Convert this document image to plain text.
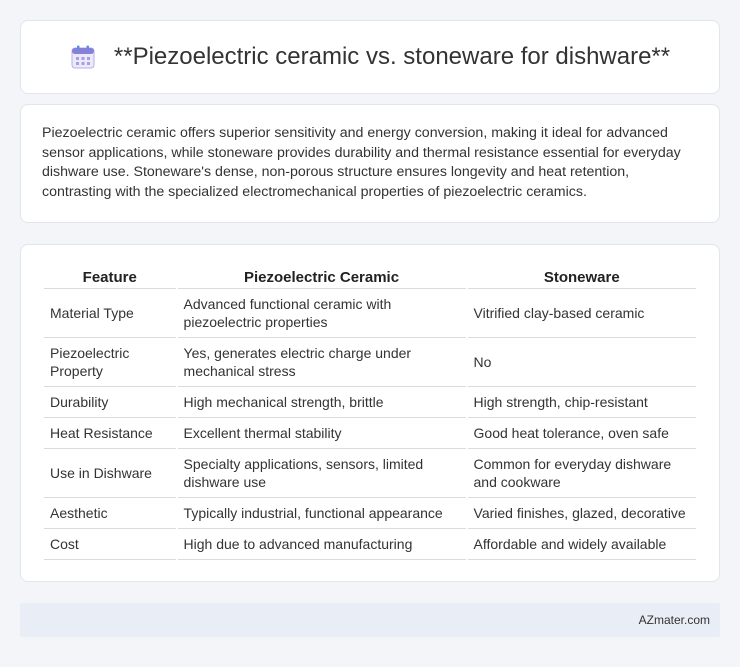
**Piezoelectric ceramic vs. stoneware for dishware**

Piezoelectric ceramic offers superior sensitivity and energy conversion, making it ideal for advanced sensor applications, while stoneware provides durability and thermal resistance essential for everyday dishware use. Stoneware's dense, non-porous structure ensures longevity and heat retention, contrasting with the specialized electromechanical properties of piezoelectric ceramics.

Feature	Piezoelectric Ceramic	Stoneware
Material Type	Advanced functional ceramic with piezoelectric properties	Vitrified clay-based ceramic
Piezoelectric Property	Yes, generates electric charge under mechanical stress	No
Durability	High mechanical strength, brittle	High strength, chip-resistant
Heat Resistance	Excellent thermal stability	Good heat tolerance, oven safe
Use in Dishware	Specialty applications, sensors, limited dishware use	Common for everyday dishware and cookware
Aesthetic	Typically industrial, functional appearance	Varied finishes, glazed, decorative
Cost	High due to advanced manufacturing	Affordable and widely available
AZmater.com
